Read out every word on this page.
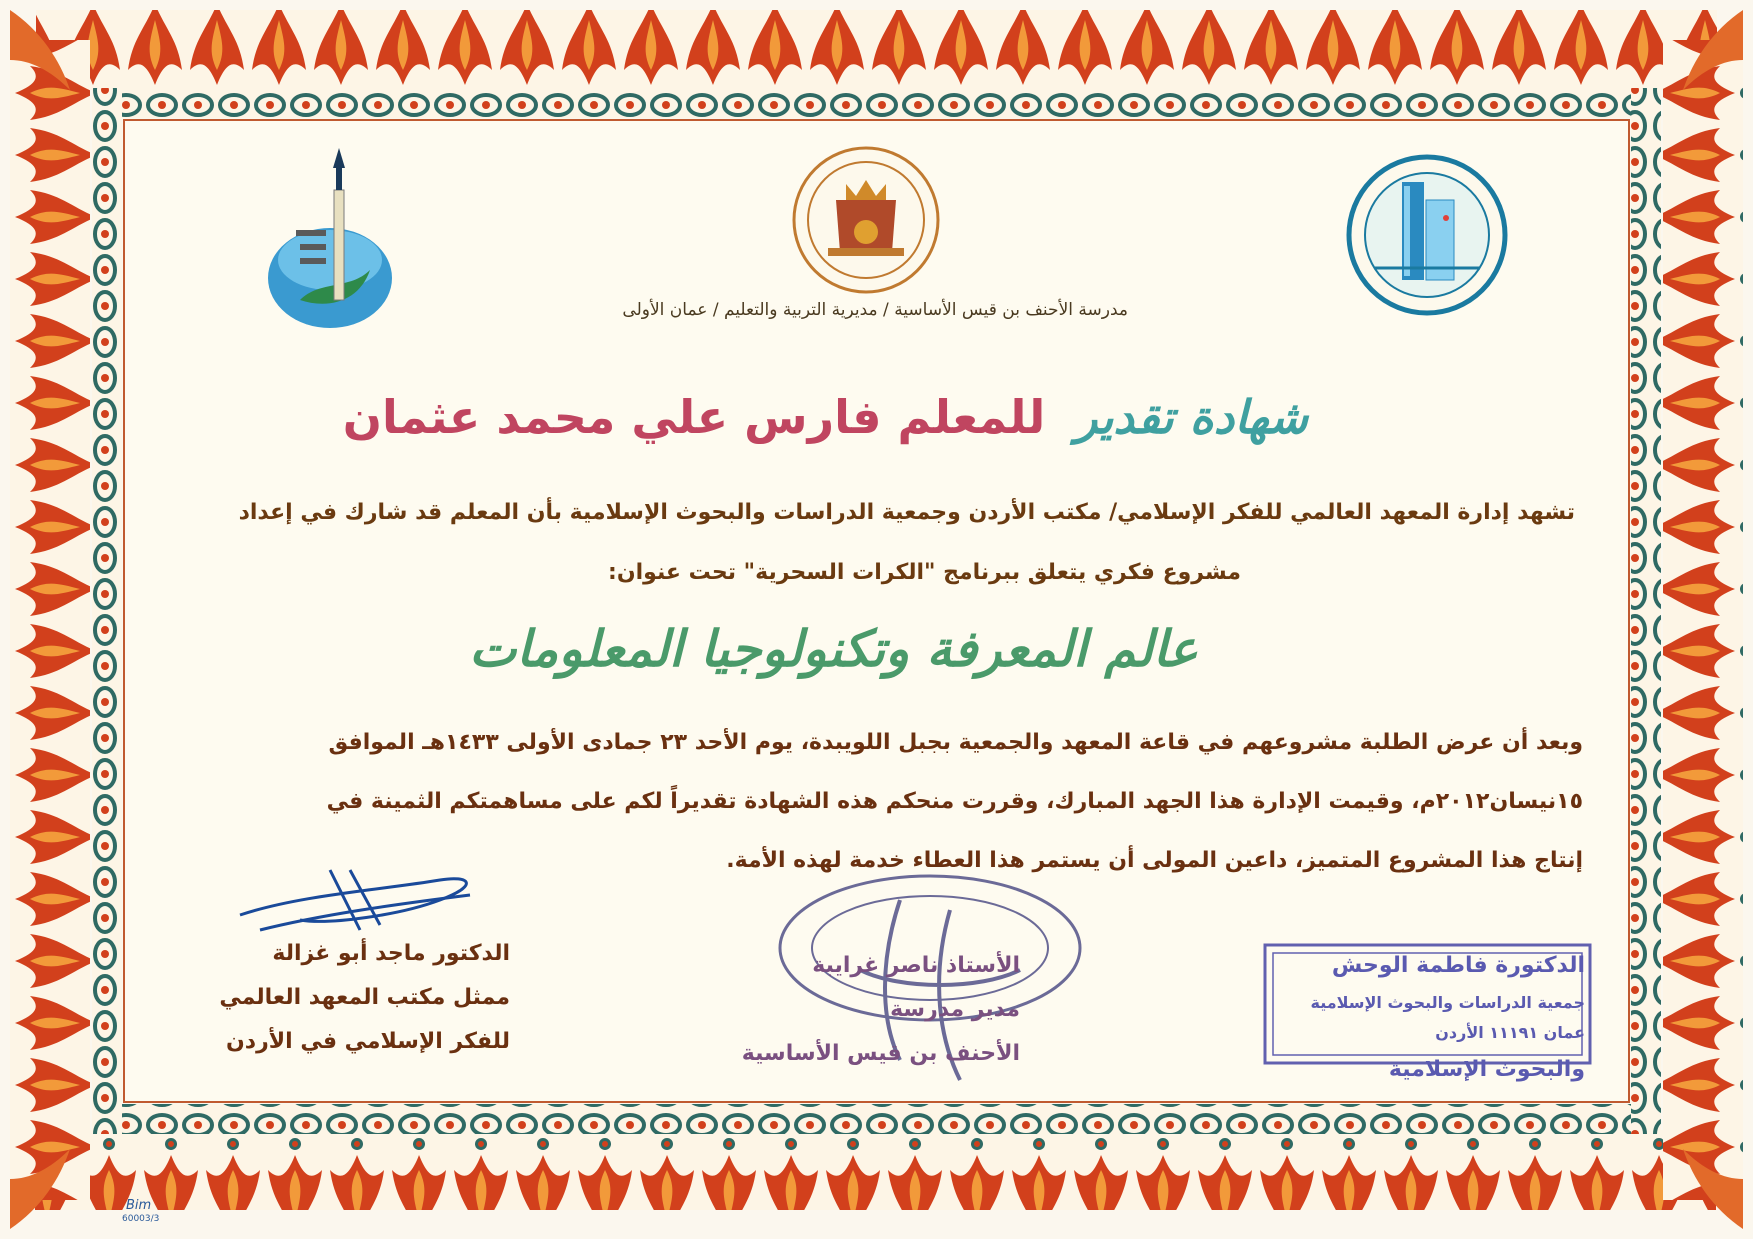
مدرسة الأحنف بن قيس الأساسية / مديرية التربية والتعليم / عمان الأولى
شهادة تقدير للمعلم فارس علي محمد عثمان
تشهد إدارة المعهد العالمي للفكر الإسلامي/ مكتب الأردن وجمعية الدراسات والبحوث الإسلامية بأن المعلم قد شارك في إعداد
مشروع فكري يتعلق ببرنامج "الكرات السحرية" تحت عنوان:
عالم المعرفة وتكنولوجيا المعلومات
وبعد أن عرض الطلبة مشروعهم في قاعة المعهد والجمعية بجبل اللويبدة، يوم الأحد ٢٣ جمادى الأولى ١٤٣٣هـ الموافق
١٥نيسان٢٠١٢م، وقيمت الإدارة هذا الجهد المبارك، وقررت منحكم هذه الشهادة تقديراً لكم على مساهمتكم الثمينة في
إنتاج هذا المشروع المتميز، داعين المولى أن يستمر هذا العطاء خدمة لهذه الأمة.
الدكتور ماجد أبو غزالة
ممثل مكتب المعهد العالمي
للفكر الإسلامي في الأردن
الأستاذ ناصر غرايبة
مدير مدرسة
الأحنف بن قيس الأساسية
الدكتورة فاطمة الوحش
جمعية الدراسات والبحوث الإسلامية
عمان ١١١٩١ الأردن
والبحوث الإسلامية
Bim
60003/3
